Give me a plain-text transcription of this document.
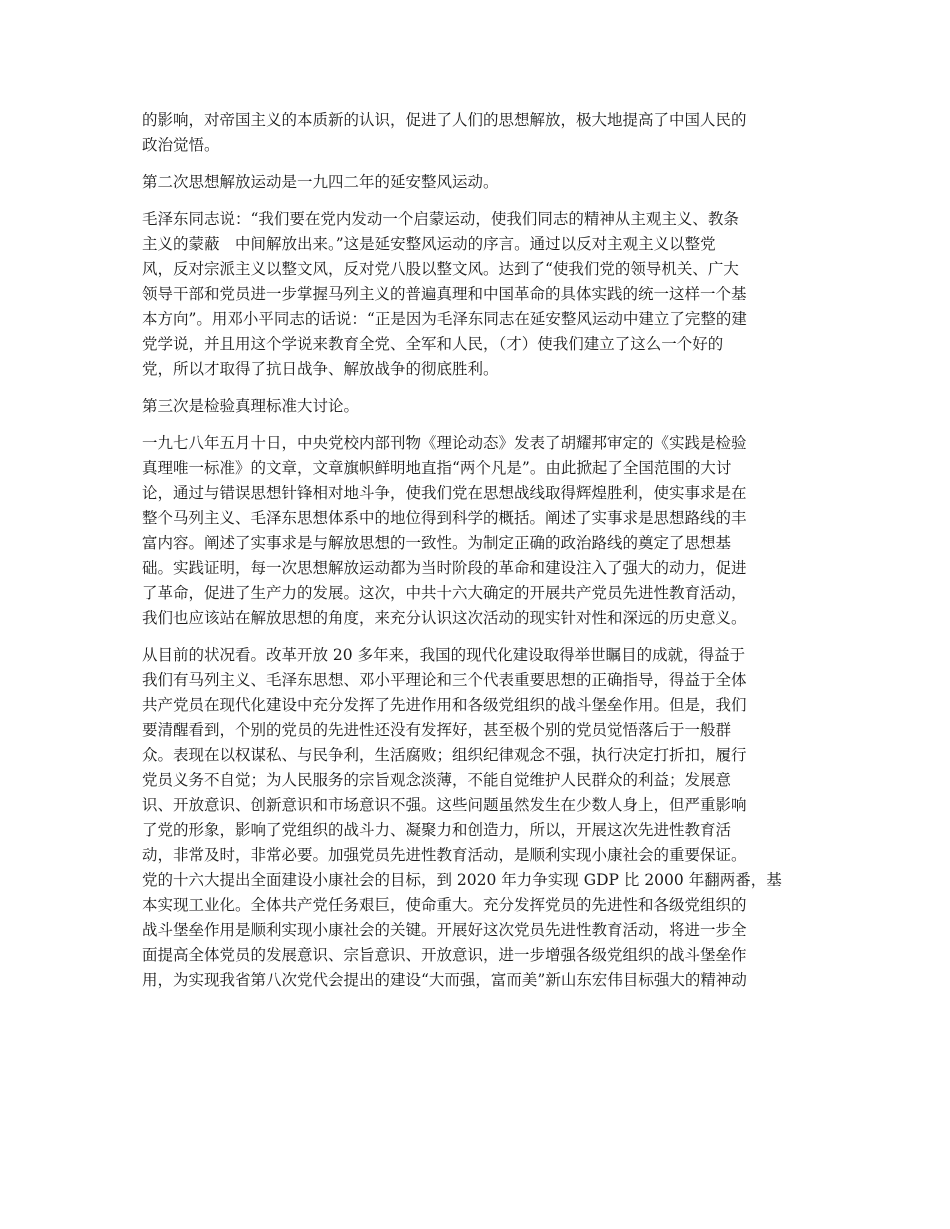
的影响，对帝国主义的本质新的认识，促进了人们的思想解放，极大地提高了中国人民的
政治觉悟。
第二次思想解放运动是一九四二年的延安整风运动。
毛泽东同志说：“我们要在党内发动一个启蒙运动，使我们同志的精神从主观主义、教条
主义的蒙蔽　中间解放出来。”这是延安整风运动的序言。通过以反对主观主义以整党
风，反对宗派主义以整文风，反对党八股以整文风。达到了“使我们党的领导机关、广大
领导干部和党员进一步掌握马列主义的普遍真理和中国革命的具体实践的统一这样一个基
本方向”。用邓小平同志的话说：“正是因为毛泽东同志在延安整风运动中建立了完整的建
党学说，并且用这个学说来教育全党、全军和人民，（才）使我们建立了这么一个好的
党，所以才取得了抗日战争、解放战争的彻底胜利。
第三次是检验真理标准大讨论。
一九七八年五月十日，中央党校内部刊物《理论动态》发表了胡耀邦审定的《实践是检验
真理唯一标准》的文章，文章旗帜鲜明地直指“两个凡是”。由此掀起了全国范围的大讨
论，通过与错误思想针锋相对地斗争，使我们党在思想战线取得辉煌胜利，使实事求是在
整个马列主义、毛泽东思想体系中的地位得到科学的概括。阐述了实事求是思想路线的丰
富内容。阐述了实事求是与解放思想的一致性。为制定正确的政治路线的奠定了思想基
础。实践证明，每一次思想解放运动都为当时阶段的革命和建设注入了强大的动力，促进
了革命，促进了生产力的发展。这次，中共十六大确定的开展共产党员先进性教育活动，
我们也应该站在解放思想的角度，来充分认识这次活动的现实针对性和深远的历史意义。
从目前的状况看。改革开放 20 多年来，我国的现代化建设取得举世瞩目的成就，得益于
我们有马列主义、毛泽东思想、邓小平理论和三个代表重要思想的正确指导，得益于全体
共产党员在现代化建设中充分发挥了先进作用和各级党组织的战斗堡垒作用。但是，我们
要清醒看到，个别的党员的先进性还没有发挥好，甚至极个别的党员觉悟落后于一般群
众。表现在以权谋私、与民争利，生活腐败；组织纪律观念不强，执行决定打折扣，履行
党员义务不自觉；为人民服务的宗旨观念淡薄，不能自觉维护人民群众的利益；发展意
识、开放意识、创新意识和市场意识不强。这些问题虽然发生在少数人身上，但严重影响
了党的形象，影响了党组织的战斗力、凝聚力和创造力，所以，开展这次先进性教育活
动，非常及时，非常必要。加强党员先进性教育活动，是顺利实现小康社会的重要保证。
党的十六大提出全面建设小康社会的目标，到 2020 年力争实现 GDP 比 2000 年翻两番，基
本实现工业化。全体共产党任务艰巨，使命重大。充分发挥党员的先进性和各级党组织的
战斗堡垒作用是顺利实现小康社会的关键。开展好这次党员先进性教育活动，将进一步全
面提高全体党员的发展意识、宗旨意识、开放意识，进一步增强各级党组织的战斗堡垒作
用，为实现我省第八次党代会提出的建设“大而强，富而美”新山东宏伟目标强大的精神动
